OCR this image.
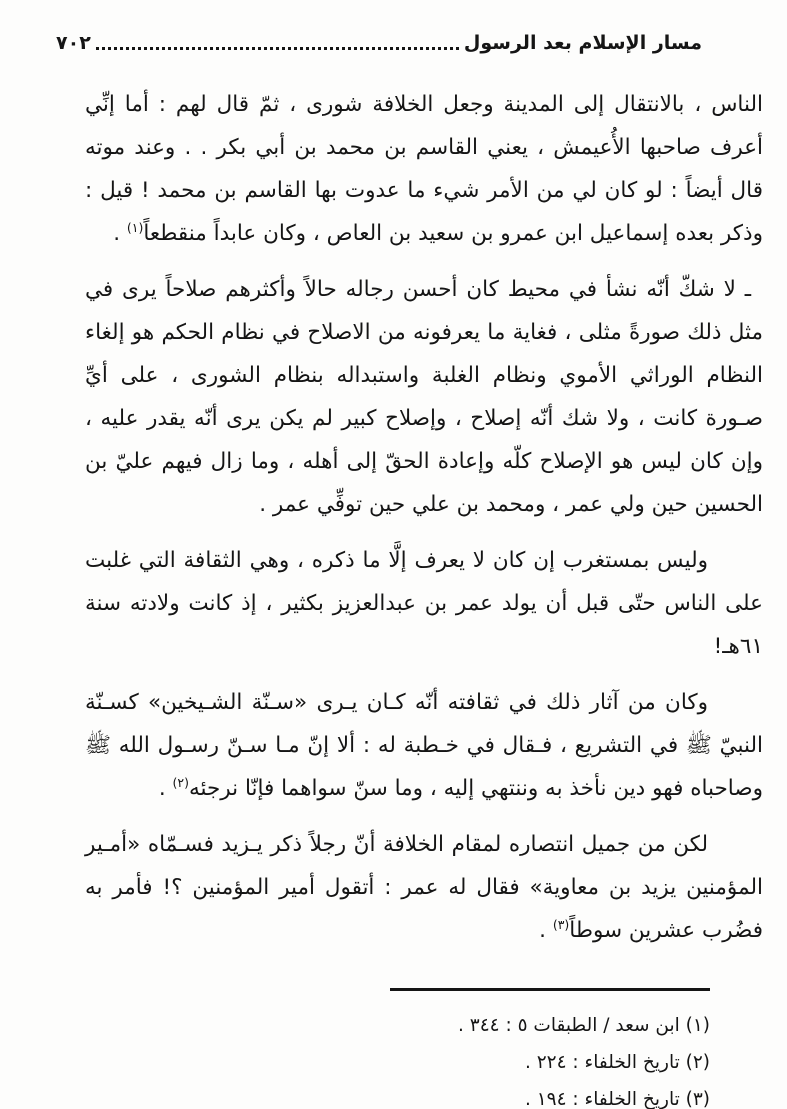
مسار الإسلام بعد الرسول
٧٠٢

الناس ، بالانتقال إلى المدينة وجعل الخلافة شورى ، ثمّ قال لهم : أما إنِّي أعرف صاحبها الأُعيمش ، يعني القاسم بن محمد بن أبي بكر . . وعند موته قال أيضاً : لو كان لي من الأمر شيء ما عدوت بها القاسم بن محمد ! قيل : وذكر بعده إسماعيل ابن عمرو بن سعيد بن العاص ، وكان عابداً منقطعاً$^{(١)}$ .

ـ لا شكّ أنّه نشأ في محيط كان أحسن رجاله حالاً وأكثرهم صلاحاً يرى في مثل ذلك صورةً مثلى ، فغاية ما يعرفونه من الاصلاح في نظام الحكم هو إلغاء النظام الوراثي الأموي ونظام الغلبة واستبداله بنظام الشورى ، على أيِّ صـورة كانت ، ولا شك أنّه إصلاح ، وإصلاح كبير لم يكن يرى أنّه يقدر عليه ، وإن كان ليس هو الإصلاح كلّه وإعادة الحقّ إلى أهله ، وما زال فيهم عليّ بن الحسين حين ولي عمر ، ومحمد بن علي حين توفِّي عمر .

وليس بمستغرب إن كان لا يعرف إلَّا ما ذكره ، وهي الثقافة التي غلبت على الناس حتّى قبل أن يولد عمر بن عبدالعزيز بكثير ، إذ كانت ولادته سنة ٦١هـ!

وكان من آثار ذلك في ثقافته أنّه كـان يـرى «سـنّة الشـيخين» كسـنّة النبيّ ﷺ في التشريع ، فـقال في خـطبة له : ألا إنّ مـا سـنّ رسـول الله ﷺ وصاحباه فهو دين نأخذ به وننتهي إليه ، وما سنّ سواهما فإنّا نرجئه$^{(٢)}$ .

لكن من جميل انتصاره لمقام الخلافة أنّ رجلاً ذكر يـزيد فسـمّاه «أمـير المؤمنين يزيد بن معاوية» فقال له عمر : أتقول أمير المؤمنين ؟! فأمر به فضُرب عشرين سوطاً$^{(٣)}$ .

(١) ابن سعد / الطبقات ٥ : ٣٤٤ .
(٢) تاريخ الخلفاء : ٢٢٤ .
(٣) تاريخ الخلفاء : ١٩٤ .
